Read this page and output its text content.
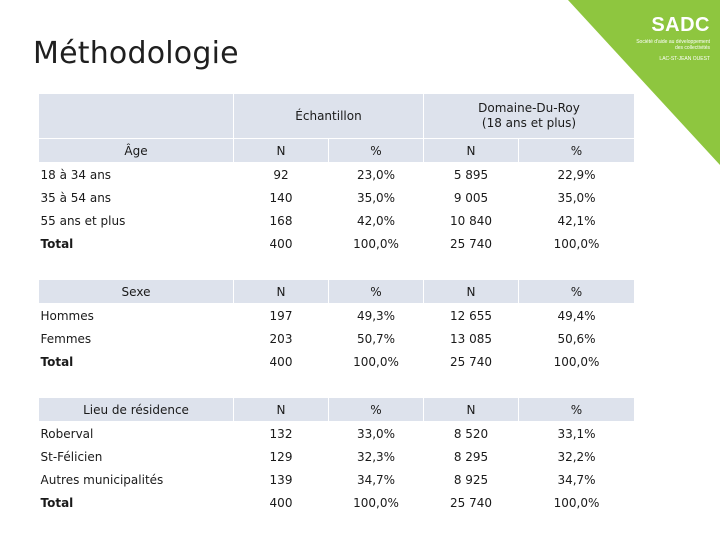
SADC
Société d'aide au développement des collectivités
LAC-ST-JEAN OUEST
Méthodologie
	Échantillon		Domaine-Du-Roy
(18 ans et plus)	
Âge	N	%	N	%
18 à 34 ans	92	23,0%	5 895	22,9%
35 à 54 ans	140	35,0%	9 005	35,0%
55 ans et plus	168	42,0%	10 840	42,1%
Total	400	100,0%	25 740	100,0%

Sexe	N	%	N	%
Hommes	197	49,3%	12 655	49,4%
Femmes	203	50,7%	13 085	50,6%
Total	400	100,0%	25 740	100,0%

Lieu de résidence	N	%	N	%
Roberval	132	33,0%	8 520	33,1%
St-Félicien	129	32,3%	8 295	32,2%
Autres municipalités	139	34,7%	8 925	34,7%
Total	400	100,0%	25 740	100,0%
